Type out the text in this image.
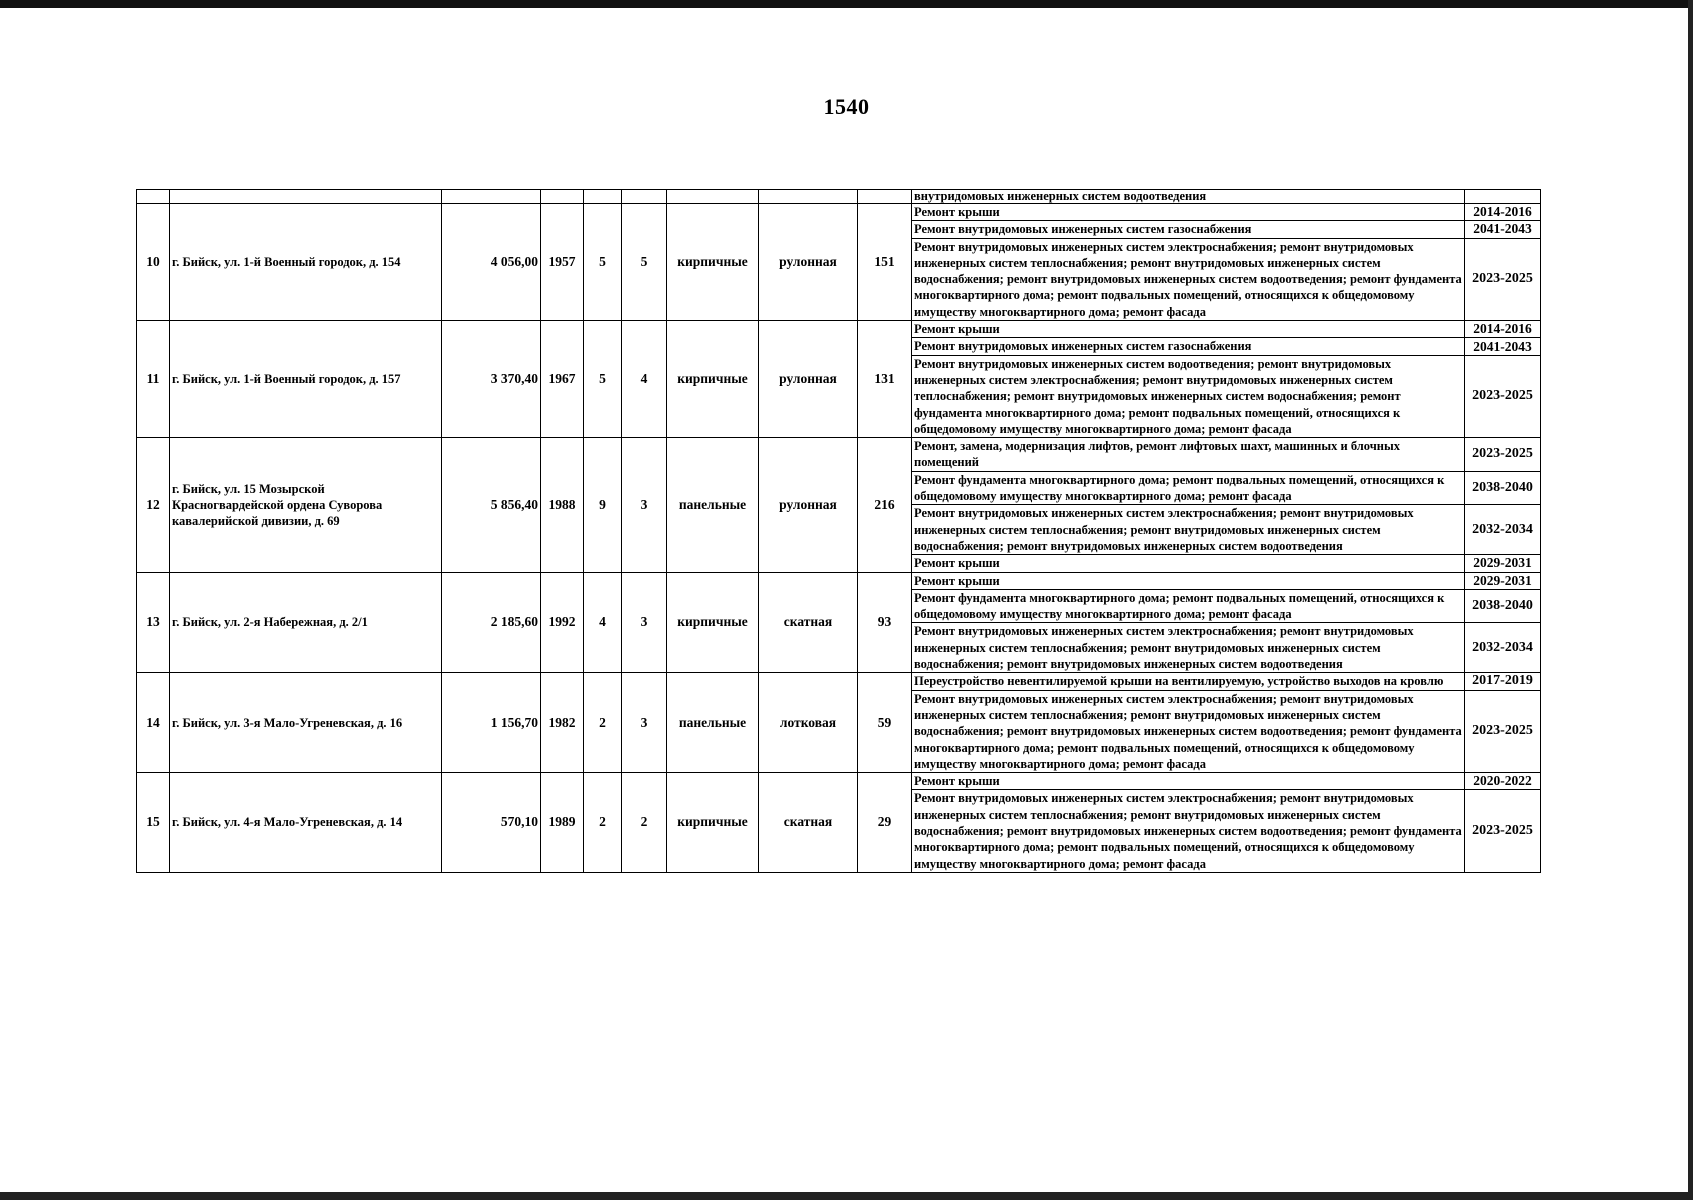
1540
									внутридомовых инженерных систем водоотведения	
10	г. Бийск, ул. 1-й Военный городок, д. 154	4 056,00	1957	5	5	кирпичные	рулонная	151	Ремонт крыши	2014-2016
									Ремонт внутридомовых инженерных систем газоснабжения	2041-2043
									Ремонт внутридомовых инженерных систем электроснабжения; ремонт внутридомовых инженерных систем теплоснабжения; ремонт внутридомовых инженерных систем водоснабжения; ремонт внутридомовых инженерных систем водоотведения; ремонт фундамента многоквартирного дома; ремонт подвальных помещений, относящихся к общедомовому имуществу многоквартирного дома; ремонт фасада	2023-2025
11	г. Бийск, ул. 1-й Военный городок, д. 157	3 370,40	1967	5	4	кирпичные	рулонная	131	Ремонт крыши	2014-2016
									Ремонт внутридомовых инженерных систем газоснабжения	2041-2043
									Ремонт внутридомовых инженерных систем водоотведения; ремонт внутридомовых инженерных систем электроснабжения; ремонт внутридомовых инженерных систем теплоснабжения; ремонт внутридомовых инженерных систем водоснабжения; ремонт фундамента многоквартирного дома; ремонт подвальных помещений, относящихся к общедомовому имуществу многоквартирного дома; ремонт фасада	2023-2025
12	г. Бийск, ул. 15 Мозырской Красногвардейской ордена Суворова кавалерийской дивизии, д. 69	5 856,40	1988	9	3	панельные	рулонная	216	Ремонт, замена, модернизация лифтов, ремонт лифтовых шахт, машинных и блочных помещений	2023-2025
									Ремонт фундамента многоквартирного дома; ремонт подвальных помещений, относящихся к общедомовому имуществу многоквартирного дома; ремонт фасада	2038-2040
									Ремонт внутридомовых инженерных систем электроснабжения; ремонт внутридомовых инженерных систем теплоснабжения; ремонт внутридомовых инженерных систем водоснабжения; ремонт внутридомовых инженерных систем водоотведения	2032-2034
									Ремонт крыши	2029-2031
13	г. Бийск, ул. 2-я Набережная, д. 2/1	2 185,60	1992	4	3	кирпичные	скатная	93	Ремонт крыши	2029-2031
									Ремонт фундамента многоквартирного дома; ремонт подвальных помещений, относящихся к общедомовому имуществу многоквартирного дома; ремонт фасада	2038-2040
									Ремонт внутридомовых инженерных систем электроснабжения; ремонт внутридомовых инженерных систем теплоснабжения; ремонт внутридомовых инженерных систем водоснабжения; ремонт внутридомовых инженерных систем водоотведения	2032-2034
14	г. Бийск, ул. 3-я Мало-Угреневская, д. 16	1 156,70	1982	2	3	панельные	лотковая	59	Переустройство невентилируемой крыши на вентилируемую, устройство выходов на кровлю	2017-2019
									Ремонт внутридомовых инженерных систем электроснабжения; ремонт внутридомовых инженерных систем теплоснабжения; ремонт внутридомовых инженерных систем водоснабжения; ремонт внутридомовых инженерных систем водоотведения; ремонт фундамента многоквартирного дома; ремонт подвальных помещений, относящихся к общедомовому имуществу многоквартирного дома; ремонт фасада	2023-2025
15	г. Бийск, ул. 4-я Мало-Угреневская, д. 14	570,10	1989	2	2	кирпичные	скатная	29	Ремонт крыши	2020-2022
									Ремонт внутридомовых инженерных систем электроснабжения; ремонт внутридомовых инженерных систем теплоснабжения; ремонт внутридомовых инженерных систем водоснабжения; ремонт внутридомовых инженерных систем водоотведения; ремонт фундамента многоквартирного дома; ремонт подвальных помещений, относящихся к общедомовому имуществу многоквартирного дома; ремонт фасада	2023-2025
